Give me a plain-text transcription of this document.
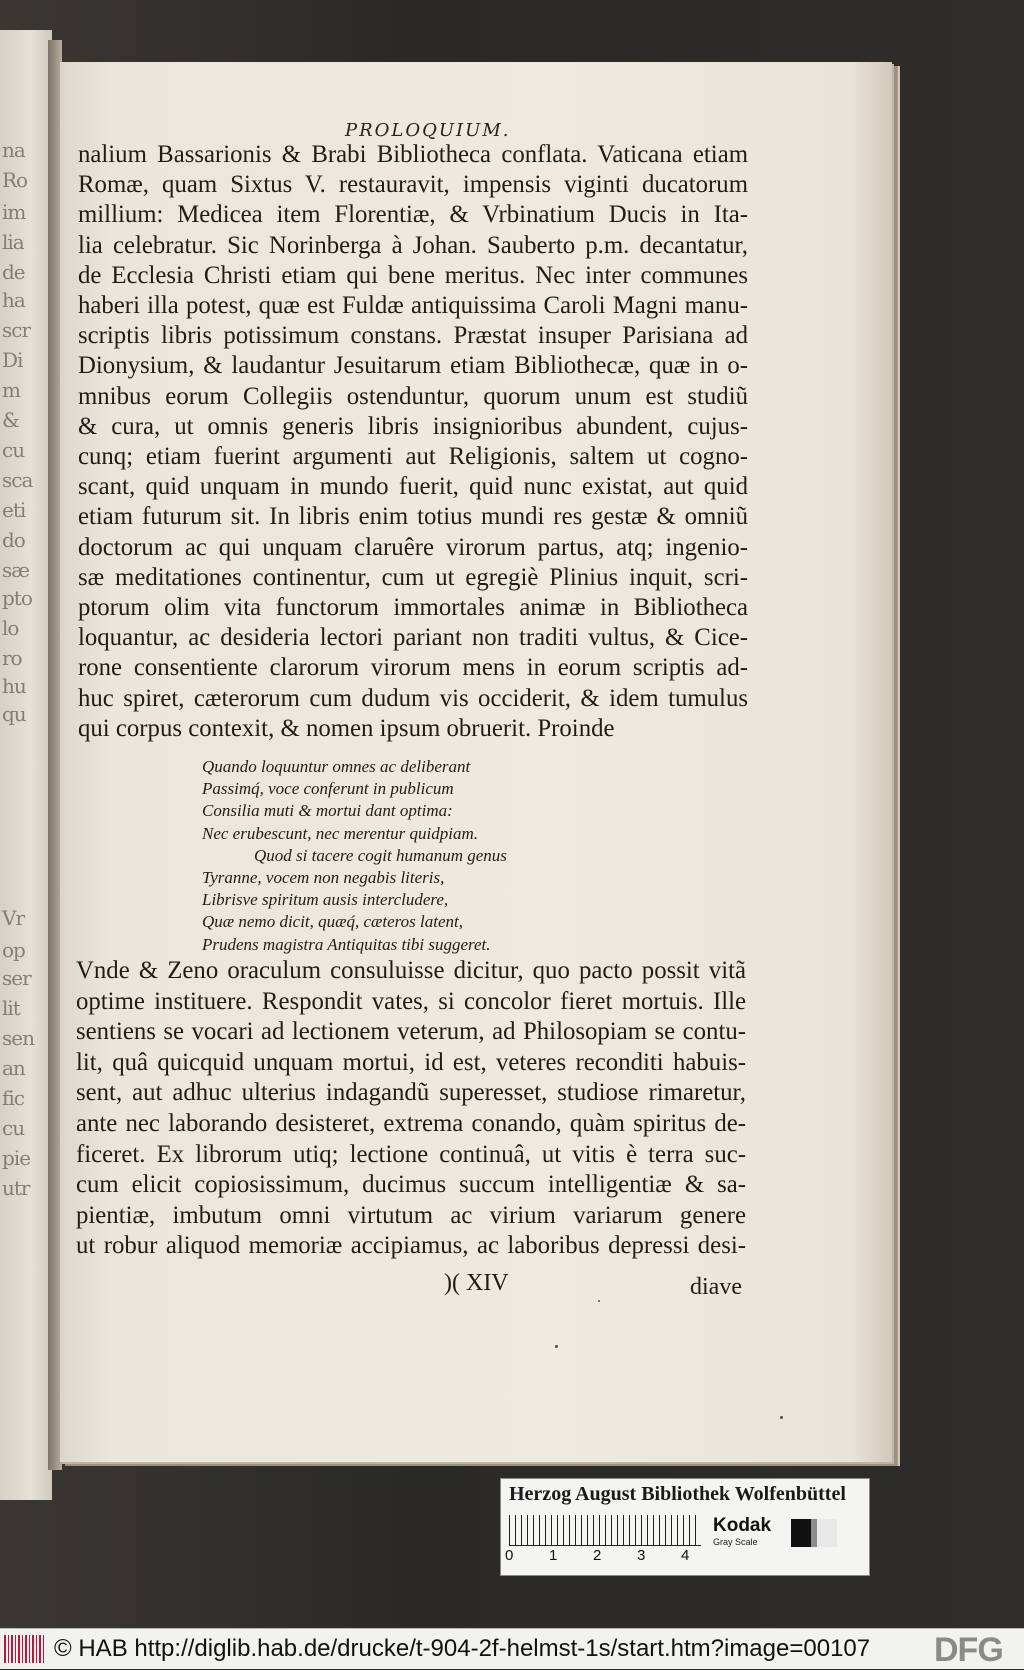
na
Ro
im
lia
de
ha
scr
Di
m
&
cu
sca
eti
do
sæ
pto
lo
ro
hu
qu
Vr
op
ser
lit
sen
an
fic
cu
pie
utr
PROLOQUIUM.
nalium Bassarionis & Brabi Bibliotheca conflata. Vaticana etiam
Romæ, quam Sixtus V. restauravit, impensis viginti ducatorum
millium: Medicea item Florentiæ, & Vrbinatium Ducis in Ita-
lia celebratur. Sic Norinberga à Johan. Sauberto p.m. decantatur,
de Ecclesia Christi etiam qui bene meritus. Nec inter communes
haberi illa potest, quæ est Fuldæ antiquissima Caroli Magni manu-
scriptis libris potissimum constans. Præstat insuper Parisiana ad
Dionysium, & laudantur Jesuitarum etiam Bibliothecæ, quæ in o-
mnibus eorum Collegiis ostenduntur, quorum unum est studiũ
& cura, ut omnis generis libris insignioribus abundent, cujus-
cunq; etiam fuerint argumenti aut Religionis, saltem ut cogno-
scant, quid unquam in mundo fuerit, quid nunc existat, aut quid
etiam futurum sit. In libris enim totius mundi res gestæ & omniũ
doctorum ac qui unquam claruêre virorum partus, atq; ingenio-
sæ meditationes continentur, cum ut egregiè Plinius inquit, scri-
ptorum olim vita functorum immortales animæ in Bibliotheca
loquantur, ac desideria lectori pariant non traditi vultus, & Cice-
rone consentiente clarorum virorum mens in eorum scriptis ad-
huc spiret, cæterorum cum dudum vis occiderit, & idem tumulus
qui corpus contexit, & nomen ipsum obruerit. Proinde
Quando loquuntur omnes ac deliberant
Passimq́, voce conferunt in publicum
Consilia muti & mortui dant optima:
Nec erubescunt, nec merentur quidpiam.
Quod si tacere cogit humanum genus
Tyranne, vocem non negabis literis,
Librisve spiritum ausis intercludere,
Quæ nemo dicit, quæq́, cæteros latent,
Prudens magistra Antiquitas tibi suggeret.
Vnde & Zeno oraculum consuluisse dicitur, quo pacto possit vitã
optime instituere. Respondit vates, si concolor fieret mortuis. Ille
sentiens se vocari ad lectionem veterum, ad Philosopiam se contu-
lit, quâ quicquid unquam mortui, id est, veteres reconditi habuis-
sent, aut adhuc ulterius indagandũ superesset, studiose rimaretur,
ante nec laborando desisteret, extrema conando, quàm spiritus de-
ficeret. Ex librorum utiq; lectione continuâ, ut vitis è terra suc-
cum elicit copiosissimum, ducimus succum intelligentiæ & sa-
pientiæ, imbutum omni virtutum ac virium variarum genere
ut robur aliquod memoriæ accipiamus, ac laboribus depressi desi-
)( XIV	diave
Herzog August Bibliothek Wolfenbüttel
0 1 2 3 4
Kodak
Gray Scale
© HAB http://diglib.hab.de/drucke/t-904-2f-helmst-1s/start.htm?image=00107 DFG
